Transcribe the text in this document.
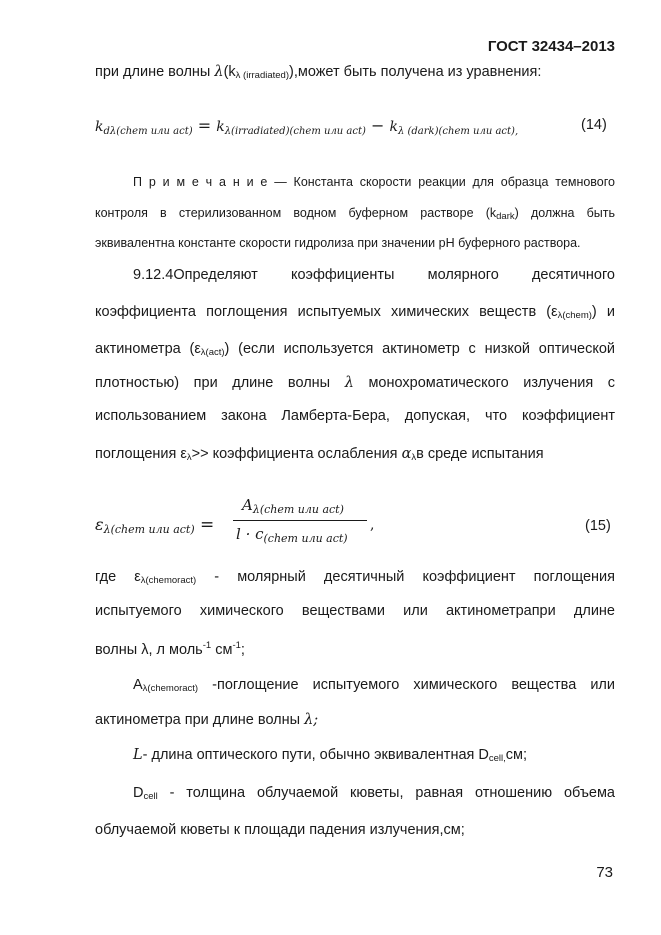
ГОСТ 32434–2013
при длине волны $\lambda(k_{\lambda (irradiated)}),может$ быть получена из уравнения:
$k_{d\lambda(chem или act)} = k_{\lambda(irradiated)(chem или act)} - k_{\lambda (dark)(chem или act),}$	(14)
П р и м е ч а н и е — Константа скорости реакции для образца темнового
контроля в стерилизованном водном буферном растворе $(k_{dark})$ должна быть
эквивалентна константе скорости гидролиза при значении pH буферного раствора.
9.12.4Определяют коэффициенты молярного десятичного
коэффициента поглощения испытуемых химических веществ $(\varepsilon_{\lambda(chem)})$ и
актинометра $(\varepsilon_{\lambda(act)})$ (если используется актинометр с низкой оптической
плотностью) при длине волны λ монохроматического излучения с
использованием закона Ламберта-Бера, допуская, что коэффициент
поглощения $\varepsilon_\lambda>>$ коэффициента ослабления $\alpha_\lambda в$ среде испытания
ελ(chem или act) =
$A_{\lambda(chem или act)}$
$l \cdot c_{(chem или act)}$
,	(15)
где $\varepsilon_{\lambda(chemoract)}$ - молярный десятичный коэффициент поглощения
испытуемого химического веществами или актинометрапри длине
волны λ, л моль$^{-1}$ $см^{-1}$;
$A_{\lambda(chemoract)}$ -поглощение испытуемого химического вещества или
актинометра при длине волны λ;
L- длина оптического пути, обычно эквивалентная $D_{cell,}см$;
$D_{cell}$ - толщина облучаемой кюветы, равная отношению объема
облучаемой кюветы к площади падения излучения,см;
73
